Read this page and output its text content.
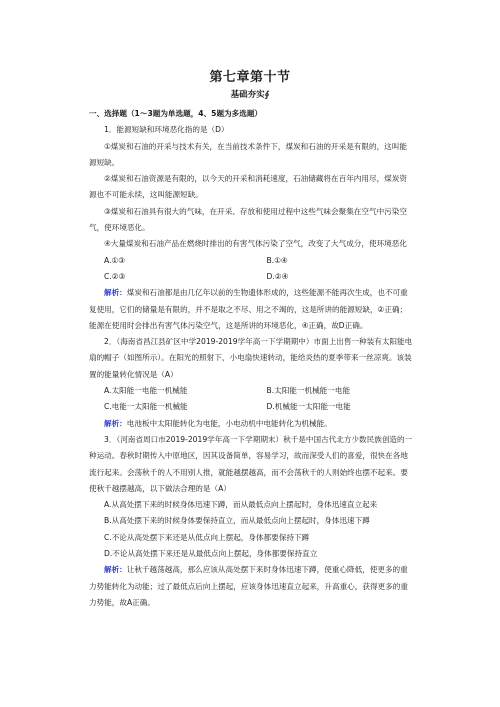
第七章第十节
基础夯实∮

一、选择题（1～3题为单选题，4、5题为多选题）

1．能源短缺和环境恶化指的是（D）

①煤炭和石油的开采与技术有关，在当前技术条件下，煤炭和石油的开采是有限的，这叫能源短缺。

②煤炭和石油资源是有限的，以今天的开采和消耗速度，石油储藏将在百年内用尽，煤炭资源也不可能永续，这叫能源短缺。

③煤炭和石油具有很大的气味，在开采、存放和使用过程中这些气味会聚集在空气中污染空气，使环境恶化。

④大量煤炭和石油产品在燃烧时排出的有害气体污染了空气，改变了大气成分，使环境恶化

A.①③	B.①④
C.②③	D.②④

解析：煤炭和石油都是由几亿年以前的生物遗体形成的，这些能源不能再次生成，也不可重复使用，它们的储量是有限的，并不是取之不尽、用之不竭的，这是所讲的能源短缺，②正确；能源在使用时会排出有害气体污染空气，这是所讲的环境恶化，④正确，故D正确。

2．（海南省昌江县矿区中学2019-2019学年高一下学期期中）市面上出售一种装有太阳能电扇的帽子（如图所示）。在阳光的照射下，小电扇快速转动，能给炎热的夏季带来一丝凉爽。该装置的能量转化情况是（A）

A.太阳能一电能一机械能	B.太阳能一机械能一电能
C.电能一太阳能一机械能	D.机械能一太阳能一电能

解析：电池板中太阳能转化为电能，小电动机中电能转化为机械能。

3．（河南省周口市2019-2019学年高一下学期期末）秋千是中国古代北方少数民族创造的一种运动。春秋时期传入中原地区，因其设备简单，容易学习，故而深受人们的喜爱，很快在各地流行起来。会荡秋千的人不用别人推，就能越摆越高，而不会荡秋千的人则始终也摆不起来。要使秋千越摆越高，以下做法合理的是（A）

A.从高处摆下来的时候身体迅速下蹲，而从最低点向上摆起时，身体迅速直立起来

B.从高处摆下来的时候身体要保持直立，而从最低点向上摆起时，身体迅速下蹲

C.不论从高处摆下来还是从低点向上摆起，身体都要保持下蹲

D.不论从高处摆下来还是从最低点向上摆起，身体都要保持直立

解析：让秋千越荡越高，那么应该从高处摆下来时身体迅速下蹲，使重心降低，使更多的重力势能转化为动能；过了最低点后向上摆起，应该身体迅速直立起来，升高重心，获得更多的重力势能，故A正确。
